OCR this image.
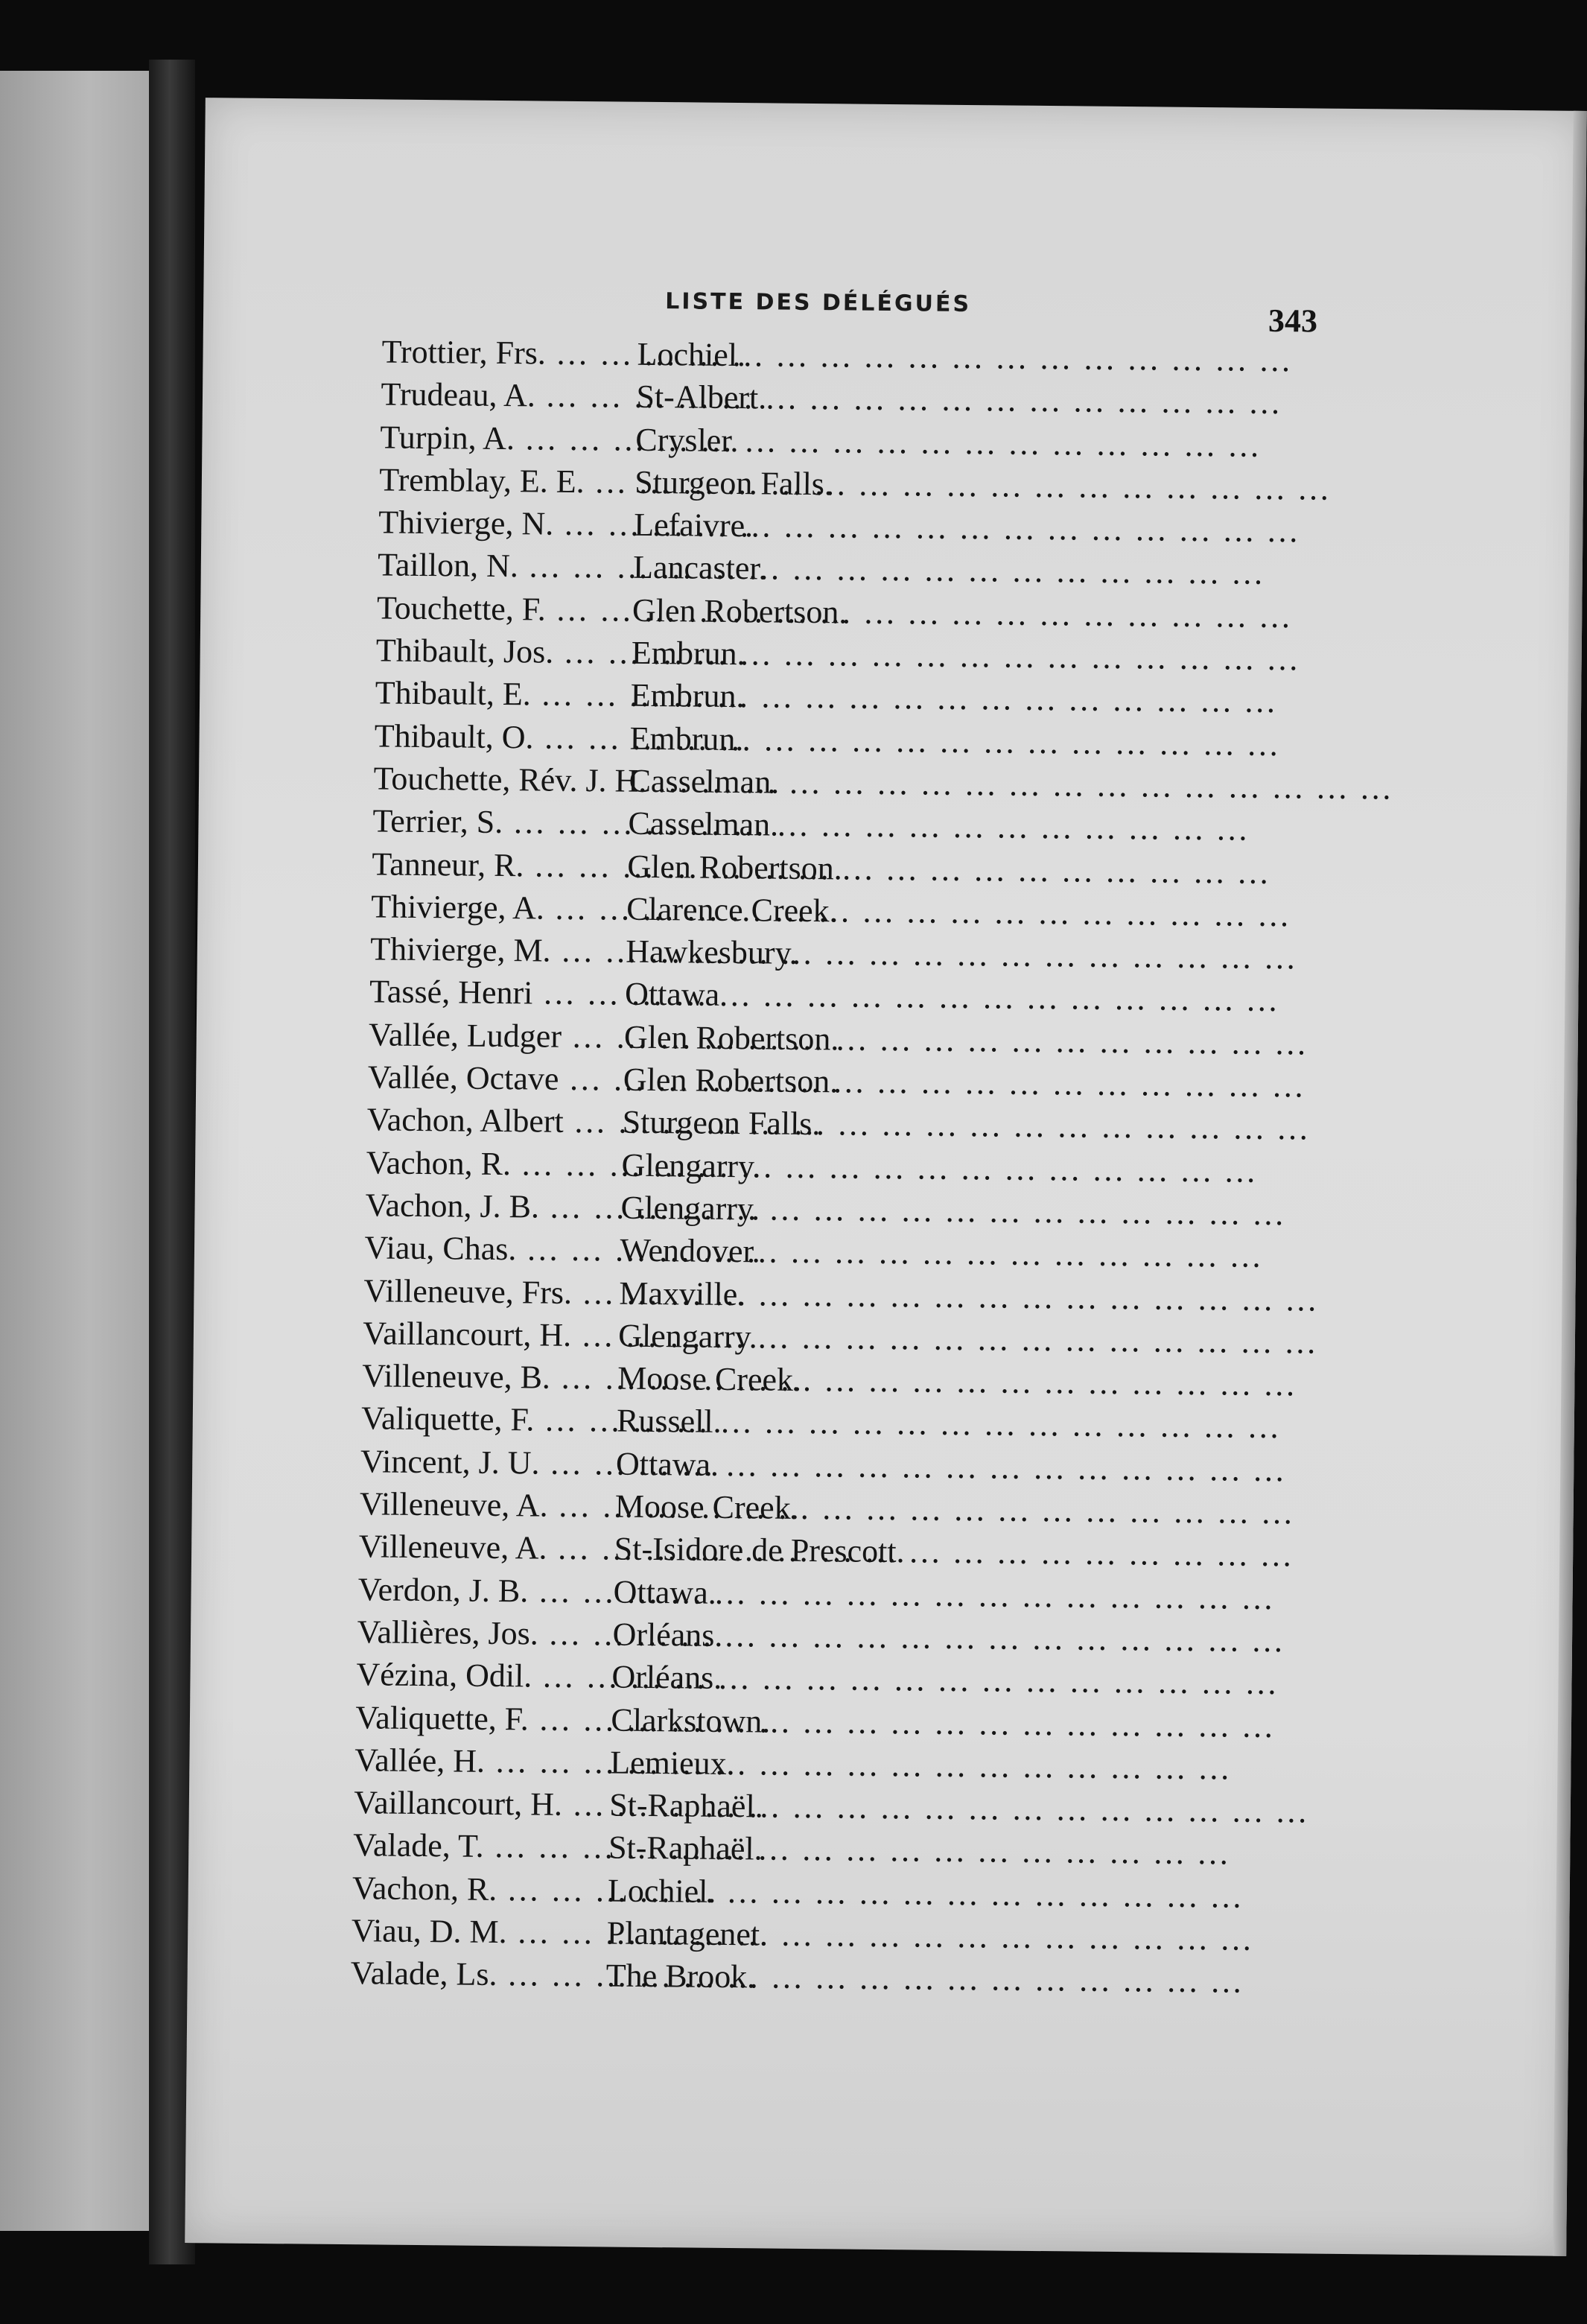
LISTE DES DÉLÉGUÉS	343
Trottier, Frs. … … … … … … … … … … … … … … … … …	Lochiel.
Trudeau, A. … … … … … … … … … … … … … … … … …	St-Albert.
Turpin, A. … … … … … … … … … … … … … … … … …	Crysler.
Tremblay, E. E. … … … … … … … … … … … … … … … … … Sturgeon Falls.
Thivierge, N. … … … … … … … … … … … … … … … … … Lefaivre.
Taillon, N. … … … … … … … … … … … … … … … … …	Lancaster.
Touchette, F. … … … … … … … … … … … … … … … … …	Glen Robertson.
Thibault, Jos. … … … … … … … … … … … … … … … … … Embrun.
Thibault, E. … … … … … … … … … … … … … … … … …	Embrun.
Thibault, O. … … … … … … … … … … … … … … … … …	Embrun.
Touchette, Rév. J. H. … … … … … … … … … … … … … … … … …Casselman.
Terrier, S. … … … … … … … … … … … … … … … … …	Casselman.
Tanneur, R. … … … … … … … … … … … … … … … … …	Glen Robertson.
Thivierge, A. … … … … … … … … … … … … … … … … … Clarence Creek.
Thivierge, M. … … … … … … … … … … … … … … … … … Hawkesbury.
Tassé, Henri … … … … … … … … … … … … … … … … …	Ottawa.
Vallée, Ludger … … … … … … … … … … … … … … … … … Glen Robertson.
Vallée, Octave … … … … … … … … … … … … … … … … … Glen Robertson.
Vachon, Albert … … … … … … … … … … … … … … … … … Sturgeon Falls.
Vachon, R. … … … … … … … … … … … … … … … … …	Glengarry.
Vachon, J. B. … … … … … … … … … … … … … … … … … Glengarry.
Viau, Chas. … … … … … … … … … … … … … … … … …	Wendover.
Villeneuve, Frs. … … … … … … … … … … … … … … … … … Maxville.
Vaillancourt, H. … … … … … … … … … … … … … … … … … Glengarry.
Villeneuve, B. … … … … … … … … … … … … … … … … … Moose Creek.
Valiquette, F. … … … … … … … … … … … … … … … … …	Russell.
Vincent, J. U. … … … … … … … … … … … … … … … … … Ottawa.
Villeneuve, A. … … … … … … … … … … … … … … … … … Moose Creek.
Villeneuve, A. … … … … … … … … … … … … … … … … … St-Isidore de Prescott.
Verdon, J. B. … … … … … … … … … … … … … … … … …	Ottawa.
Vallières, Jos. … … … … … … … … … … … … … … … … … Orléans.
Vézina, Odil. … … … … … … … … … … … … … … … … … Orléans.
Valiquette, F. … … … … … … … … … … … … … … … … …	Clarkstown.
Vallée, H. … … … … … … … … … … … … … … … … …	Lemieux.
Vaillancourt, H. … … … … … … … … … … … … … … … … … St-Raphaël.
Valade, T. … … … … … … … … … … … … … … … … …	St-Raphaël.
Vachon, R. … … … … … … … … … … … … … … … … …	Lochiel.
Viau, D. M. … … … … … … … … … … … … … … … … …	Plantagenet.
Valade, Ls. … … … … … … … … … … … … … … … … …	The Brook.
